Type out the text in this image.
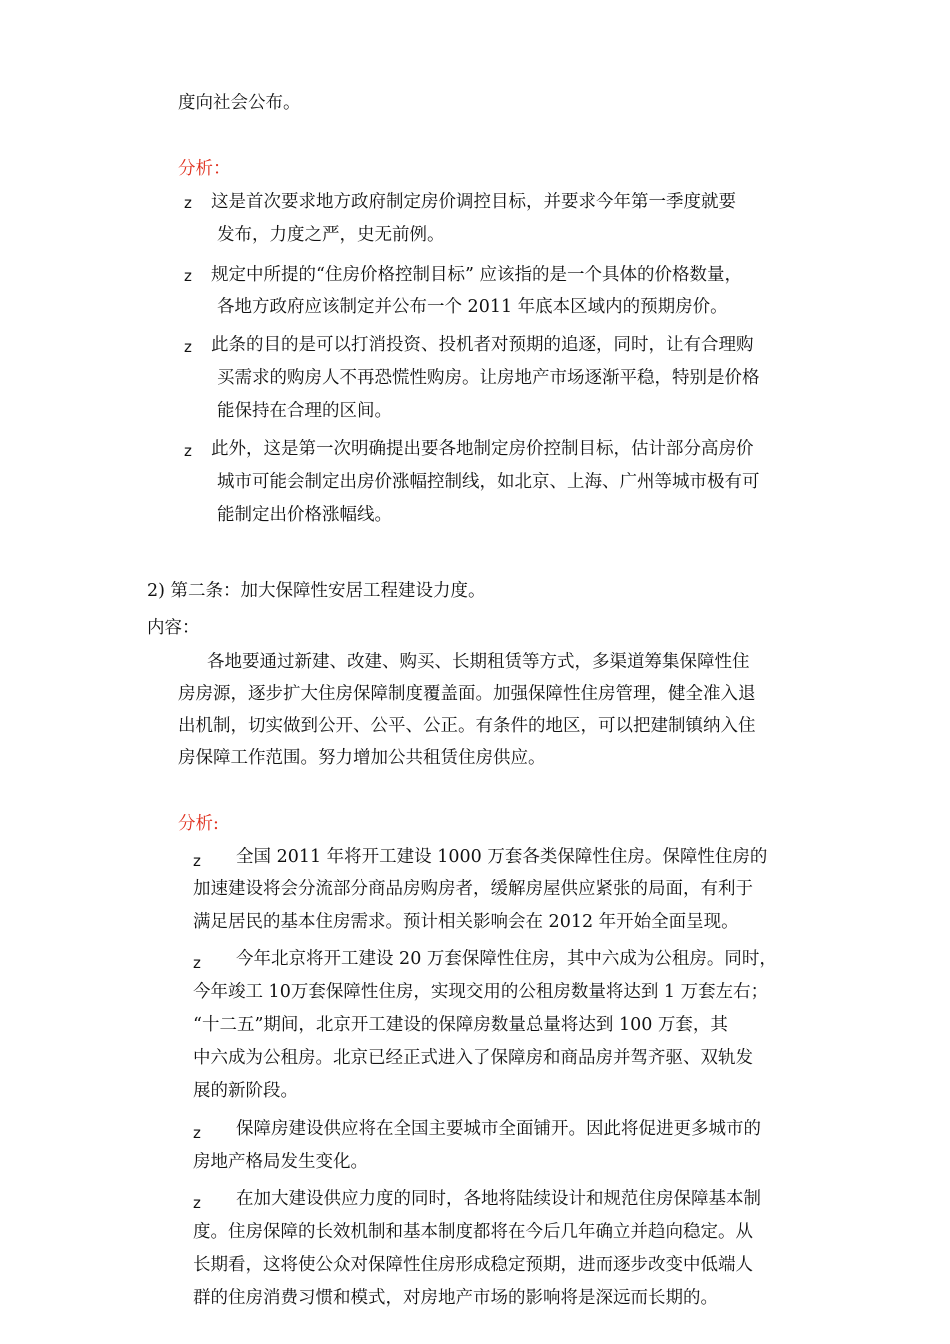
度向社会公布。
分析：
z 这是首次要求地方政府制定房价调控目标，并要求今年第一季度就要
发布，力度之严，史无前例。
z 规定中所提的“住房价格控制目标” 应该指的是一个具体的价格数量，
各地方政府应该制定并公布一个 2011 年底本区域内的预期房价。
z 此条的目的是可以打消投资、投机者对预期的追逐，同时，让有合理购
买需求的购房人不再恐慌性购房。让房地产市场逐渐平稳，特别是价格
能保持在合理的区间。
z 此外，这是第一次明确提出要各地制定房价控制目标，估计部分高房价
城市可能会制定出房价涨幅控制线，如北京、上海、广州等城市极有可
能制定出价格涨幅线。
2) 第二条：加大保障性安居工程建设力度。
内容：
各地要通过新建、改建、购买、长期租赁等方式，多渠道筹集保障性住
房房源，逐步扩大住房保障制度覆盖面。加强保障性住房管理，健全准入退
出机制，切实做到公开、公平、公正。有条件的地区，可以把建制镇纳入住
房保障工作范围。努力增加公共租赁住房供应。
分析:
z 全国 2011 年将开工建设 1000 万套各类保障性住房。保障性住房的
加速建设将会分流部分商品房购房者，缓解房屋供应紧张的局面，有利于
满足居民的基本住房需求。预计相关影响会在 2012 年开始全面呈现。
z 今年北京将开工建设 20 万套保障性住房，其中六成为公租房。同时，
今年竣工 10万套保障性住房，实现交用的公租房数量将达到 1 万套左右；
“十二五”期间，北京开工建设的保障房数量总量将达到 100 万套，其
中六成为公租房。北京已经正式进入了保障房和商品房并驾齐驱、双轨发
展的新阶段。
z 保障房建设供应将在全国主要城市全面铺开。因此将促进更多城市的
房地产格局发生变化。
z 在加大建设供应力度的同时，各地将陆续设计和规范住房保障基本制
度。住房保障的长效机制和基本制度都将在今后几年确立并趋向稳定。从
长期看，这将使公众对保障性住房形成稳定预期，进而逐步改变中低端人
群的住房消费习惯和模式，对房地产市场的影响将是深远而长期的。
